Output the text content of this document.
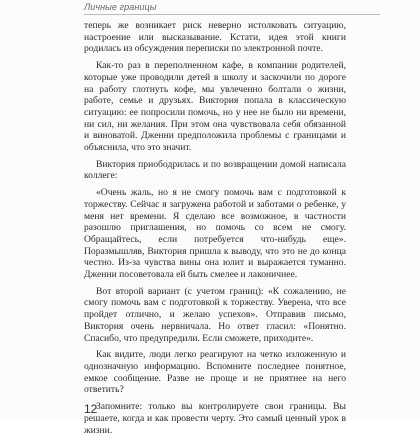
Личные границы

теперь же возникает риск неверно истолковать ситуацию, настроение или высказывание. Кстати, идея этой книги родилась из обсуждения переписки по электронной почте.

Как-то раз в переполненном кафе, в компании родителей, которые уже проводили детей в школу и заскочили по дороге на работу глотнуть кофе, мы увлеченно болтали о жизни, работе, семье и друзьях. Виктория попала в классическую ситуацию: ее попросили помочь, но у нее не было ни времени, ни сил, ни желания. При этом она чувствовала себя обязанной и виноватой. Дженни предположила проблемы с границами и объяснила, что это значит.

Виктория приободрилась и по возвращении домой написала коллеге:

«Очень жаль, но я не смогу помочь вам с подготовкой к торжеству. Сейчас я загружена работой и заботами о ребенке, у меня нет времени. Я сделаю все возможное, в частности разошлю приглашения, но помочь со всем не смогу. Обращайтесь, если потребуется что-нибудь еще». Поразмышляв, Виктория пришла к выводу, что это не до конца честно. Из-за чувства вины она юлит и выражается туманно. Дженни посоветовала ей быть смелее и лаконичнее.

Вот второй вариант (с учетом границ): «К сожалению, не смогу помочь вам с подготовкой к торжеству. Уверена, что все пройдет отлично, и желаю успехов». Отправив письмо, Виктория очень нервничала. Но ответ гласил: «Понятно. Спасибо, что предупредили. Если сможете, приходите».

Как видите, люди легко реагируют на четко изложенную и однозначную информацию. Вспомните последнее понятное, емкое сообщение. Разве не проще и не приятнее на него ответить?

Запомните: только вы контролируете свои границы. Вы решаете, когда и как провести черту. Это самый ценный урок в жизни.

12
